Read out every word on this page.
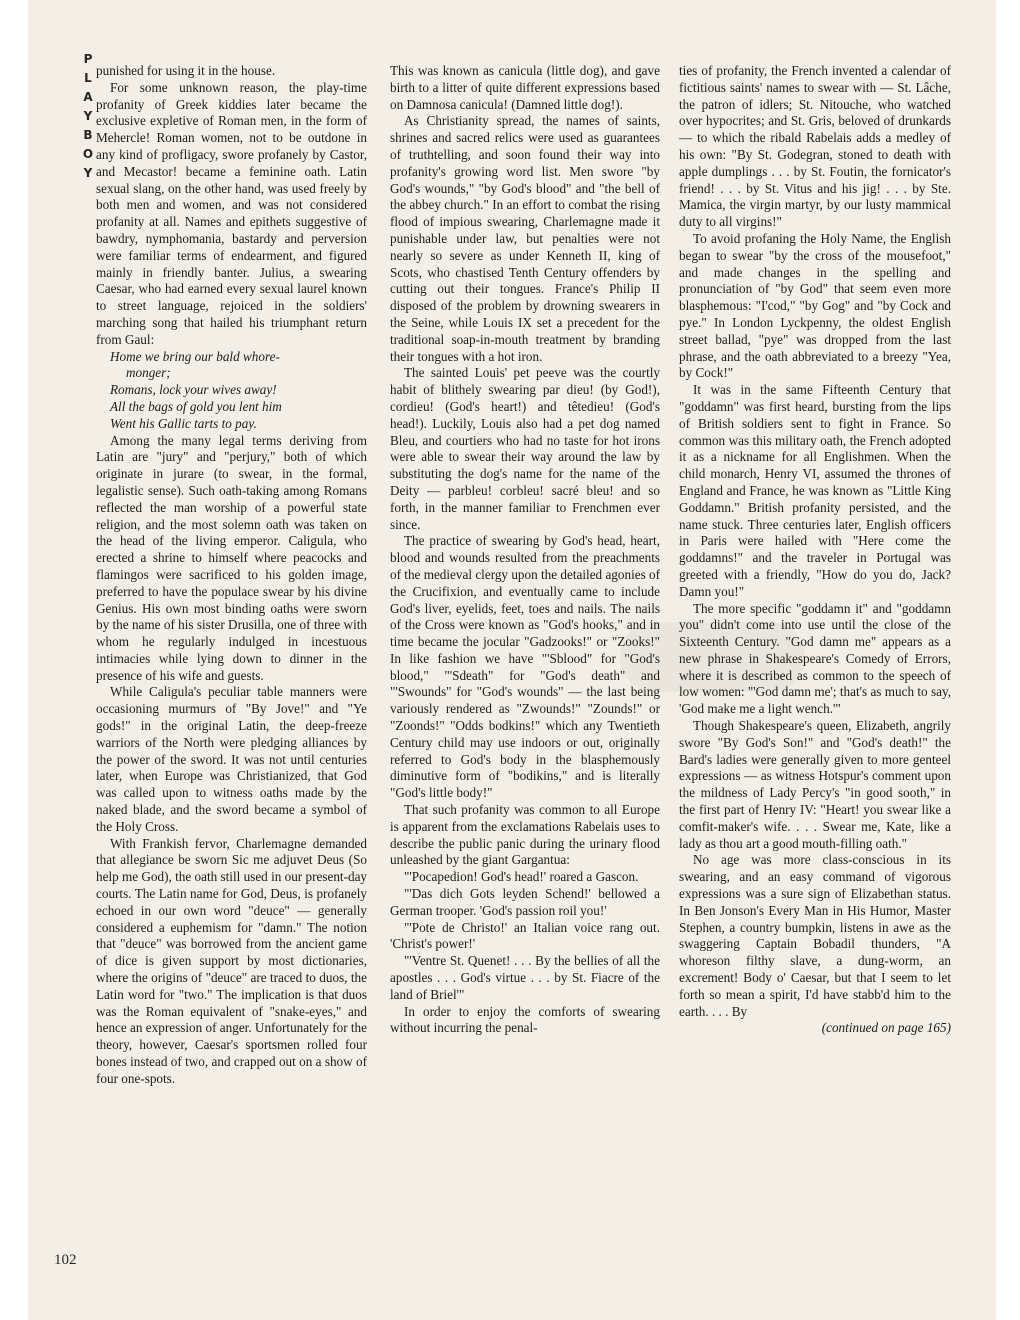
P
L
A
Y
B
O
Y
102

punished for using it in the house.

For some unknown reason, the play-time profanity of Greek kiddies later became the exclusive expletive of Roman men, in the form of Mehercle! Roman women, not to be outdone in any kind of profligacy, swore profanely by Castor, and Mecastor! became a feminine oath. Latin sexual slang, on the other hand, was used freely by both men and women, and was not considered profanity at all. Names and epithets suggestive of bawdry, nymphomania, bastardy and perversion were familiar terms of endearment, and figured mainly in friendly banter. Julius, a swearing Caesar, who had earned every sexual laurel known to street language, rejoiced in the soldiers' marching song that hailed his triumphant return from Gaul:

Home we bring our bald whore-
monger;
Romans, lock your wives away!
All the bags of gold you lent him
Went his Gallic tarts to pay.

Among the many legal terms deriving from Latin are "jury" and "perjury," both of which originate in jurare (to swear, in the formal, legalistic sense). Such oath-taking among Romans reflected the man worship of a powerful state religion, and the most solemn oath was taken on the head of the living emperor. Caligula, who erected a shrine to himself where peacocks and flamingos were sacrificed to his golden image, preferred to have the populace swear by his divine Genius. His own most binding oaths were sworn by the name of his sister Drusilla, one of three with whom he regularly indulged in incestuous intimacies while lying down to dinner in the presence of his wife and guests.

While Caligula's peculiar table manners were occasioning murmurs of "By Jove!" and "Ye gods!" in the original Latin, the deep-freeze warriors of the North were pledging alliances by the power of the sword. It was not until centuries later, when Europe was Christianized, that God was called upon to witness oaths made by the naked blade, and the sword became a symbol of the Holy Cross.

With Frankish fervor, Charlemagne demanded that allegiance be sworn Sic me adjuvet Deus (So help me God), the oath still used in our present-day courts. The Latin name for God, Deus, is profanely echoed in our own word "deuce" — generally considered a euphemism for "damn." The notion that "deuce" was borrowed from the ancient game of dice is given support by most dictionaries, where the origins of "deuce" are traced to duos, the Latin word for "two." The implication is that duos was the Roman equivalent of "snake-eyes," and hence an expression of anger. Unfortunately for the theory, however, Caesar's sportsmen rolled four bones instead of two, and crapped out on a show of four one-spots.

This was known as canicula (little dog), and gave birth to a litter of quite different expressions based on Damnosa canicula! (Damned little dog!).

As Christianity spread, the names of saints, shrines and sacred relics were used as guarantees of truthtelling, and soon found their way into profanity's growing word list. Men swore "by God's wounds," "by God's blood" and "the bell of the abbey church." In an effort to combat the rising flood of impious swearing, Charlemagne made it punishable under law, but penalties were not nearly so severe as under Kenneth II, king of Scots, who chastised Tenth Century offenders by cutting out their tongues. France's Philip II disposed of the problem by drowning swearers in the Seine, while Louis IX set a precedent for the traditional soap-in-mouth treatment by branding their tongues with a hot iron.

The sainted Louis' pet peeve was the courtly habit of blithely swearing par dieu! (by God!), cordieu! (God's heart!) and têtedieu! (God's head!). Luckily, Louis also had a pet dog named Bleu, and courtiers who had no taste for hot irons were able to swear their way around the law by substituting the dog's name for the name of the Deity — parbleu! corbleu! sacré bleu! and so forth, in the manner familiar to Frenchmen ever since.

The practice of swearing by God's head, heart, blood and wounds resulted from the preachments of the medieval clergy upon the detailed agonies of the Crucifixion, and eventually came to include God's liver, eyelids, feet, toes and nails. The nails of the Cross were known as "God's hooks," and in time became the jocular "Gadzooks!" or "Zooks!" In like fashion we have "'Sblood" for "God's blood," "'Sdeath" for "God's death" and "'Swounds" for "God's wounds" — the last being variously rendered as "Zwounds!" "Zounds!" or "Zoonds!" "Odds bodkins!" which any Twentieth Century child may use indoors or out, originally referred to God's body in the blasphemously diminutive form of "bodikins," and is literally "God's little body!"

That such profanity was common to all Europe is apparent from the exclamations Rabelais uses to describe the public panic during the urinary flood unleashed by the giant Gargantua:

"'Pocapedion! God's head!' roared a Gascon.

"'Das dich Gots leyden Schend!' bellowed a German trooper. 'God's passion roil you!'

"'Pote de Christo!' an Italian voice rang out. 'Christ's power!'

"'Ventre St. Quenet! . . . By the bellies of all the apostles . . . God's virtue . . . by St. Fiacre of the land of Briel'"

In order to enjoy the comforts of swearing without incurring the penal-

ties of profanity, the French invented a calendar of fictitious saints' names to swear with — St. Lâche, the patron of idlers; St. Nitouche, who watched over hypocrites; and St. Gris, beloved of drunkards — to which the ribald Rabelais adds a medley of his own: "By St. Godegran, stoned to death with apple dumplings . . . by St. Foutin, the fornicator's friend! . . . by St. Vitus and his jig! . . . by Ste. Mamica, the virgin martyr, by our lusty mammical duty to all virgins!"

To avoid profaning the Holy Name, the English began to swear "by the cross of the mousefoot," and made changes in the spelling and pronunciation of "by God" that seem even more blasphemous: "I'cod," "by Gog" and "by Cock and pye." In London Lyckpenny, the oldest English street ballad, "pye" was dropped from the last phrase, and the oath abbreviated to a breezy "Yea, by Cock!"

It was in the same Fifteenth Century that "goddamn" was first heard, bursting from the lips of British soldiers sent to fight in France. So common was this military oath, the French adopted it as a nickname for all Englishmen. When the child monarch, Henry VI, assumed the thrones of England and France, he was known as "Little King Goddamn." British profanity persisted, and the name stuck. Three centuries later, English officers in Paris were hailed with "Here come the goddamns!" and the traveler in Portugal was greeted with a friendly, "How do you do, Jack? Damn you!"

The more specific "goddamn it" and "goddamn you" didn't come into use until the close of the Sixteenth Century. "God damn me" appears as a new phrase in Shakespeare's Comedy of Errors, where it is described as common to the speech of low women: "'God damn me'; that's as much to say, 'God make me a light wench.'"

Though Shakespeare's queen, Elizabeth, angrily swore "By God's Son!" and "God's death!" the Bard's ladies were generally given to more genteel expressions — as witness Hotspur's comment upon the mildness of Lady Percy's "in good sooth," in the first part of Henry IV: "Heart! you swear like a comfit-maker's wife. . . . Swear me, Kate, like a lady as thou art a good mouth-filling oath."

No age was more class-conscious in its swearing, and an easy command of vigorous expressions was a sure sign of Elizabethan status. In Ben Jonson's Every Man in His Humor, Master Stephen, a country bumpkin, listens in awe as the swaggering Captain Bobadil thunders, "A whoreson filthy slave, a dung-worm, an excrement! Body o' Caesar, but that I seem to let forth so mean a spirit, I'd have stabb'd him to the earth. . . . By

(continued on page 165)
